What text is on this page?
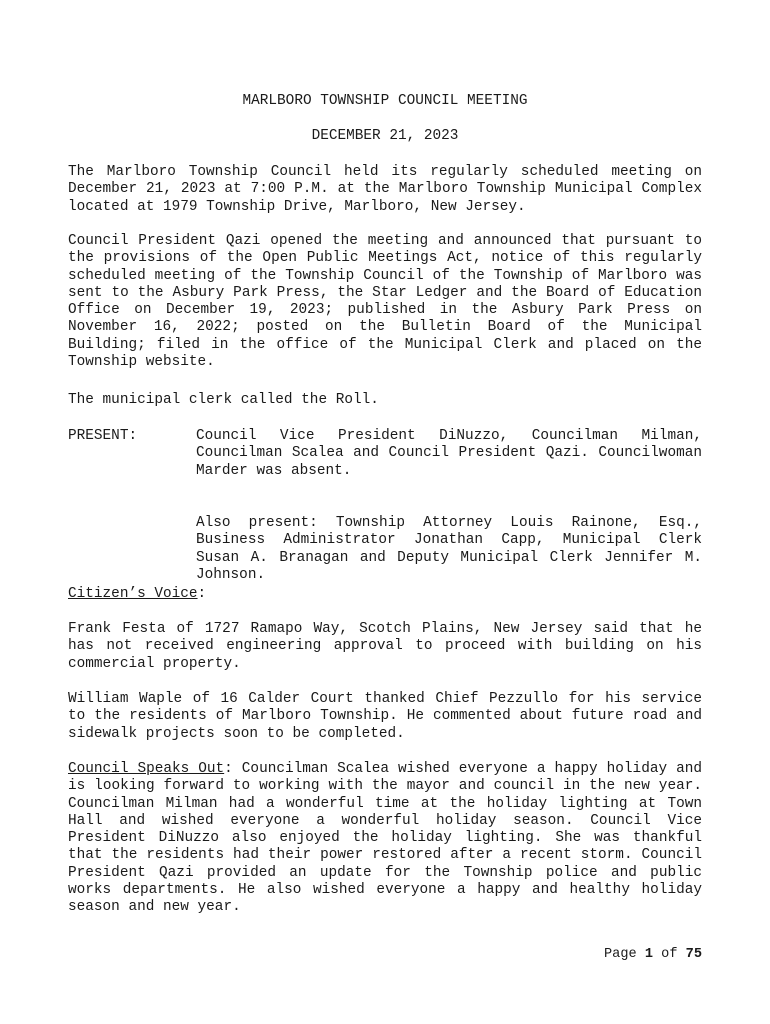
MARLBORO TOWNSHIP COUNCIL MEETING
DECEMBER 21, 2023

The Marlboro Township Council held its regularly scheduled meeting on December 21, 2023 at 7:00 P.M. at the Marlboro Township Municipal Complex located at 1979 Township Drive, Marlboro, New Jersey.

Council President Qazi opened the meeting and announced that pursuant to the provisions of the Open Public Meetings Act, notice of this regularly scheduled meeting of the Township Council of the Township of Marlboro was sent to the Asbury Park Press, the Star Ledger and the Board of Education Office on December 19, 2023; published in the Asbury Park Press on November 16, 2022; posted on the Bulletin Board of the Municipal Building; filed in the office of the Municipal Clerk and placed on the Township website.

The municipal clerk called the Roll.

PRESENT:	Council Vice President DiNuzzo, Councilman Milman, Councilman Scalea and Council President Qazi. Councilwoman Marder was absent.

Also present: Township Attorney Louis Rainone, Esq., Business Administrator Jonathan Capp, Municipal Clerk Susan A. Branagan and Deputy Municipal Clerk Jennifer M. Johnson.

Citizen’s Voice:

Frank Festa of 1727 Ramapo Way, Scotch Plains, New Jersey said that he has not received engineering approval to proceed with building on his commercial property.

William Waple of 16 Calder Court thanked Chief Pezzullo for his service to the residents of Marlboro Township. He commented about future road and sidewalk projects soon to be completed.

Council Speaks Out: Councilman Scalea wished everyone a happy holiday and is looking forward to working with the mayor and council in the new year. Councilman Milman had a wonderful time at the holiday lighting at Town Hall and wished everyone a wonderful holiday season. Council Vice President DiNuzzo also enjoyed the holiday lighting. She was thankful that the residents had their power restored after a recent storm. Council President Qazi provided an update for the Township police and public works departments. He also wished everyone a happy and healthy holiday season and new year.

Page 1 of 75
